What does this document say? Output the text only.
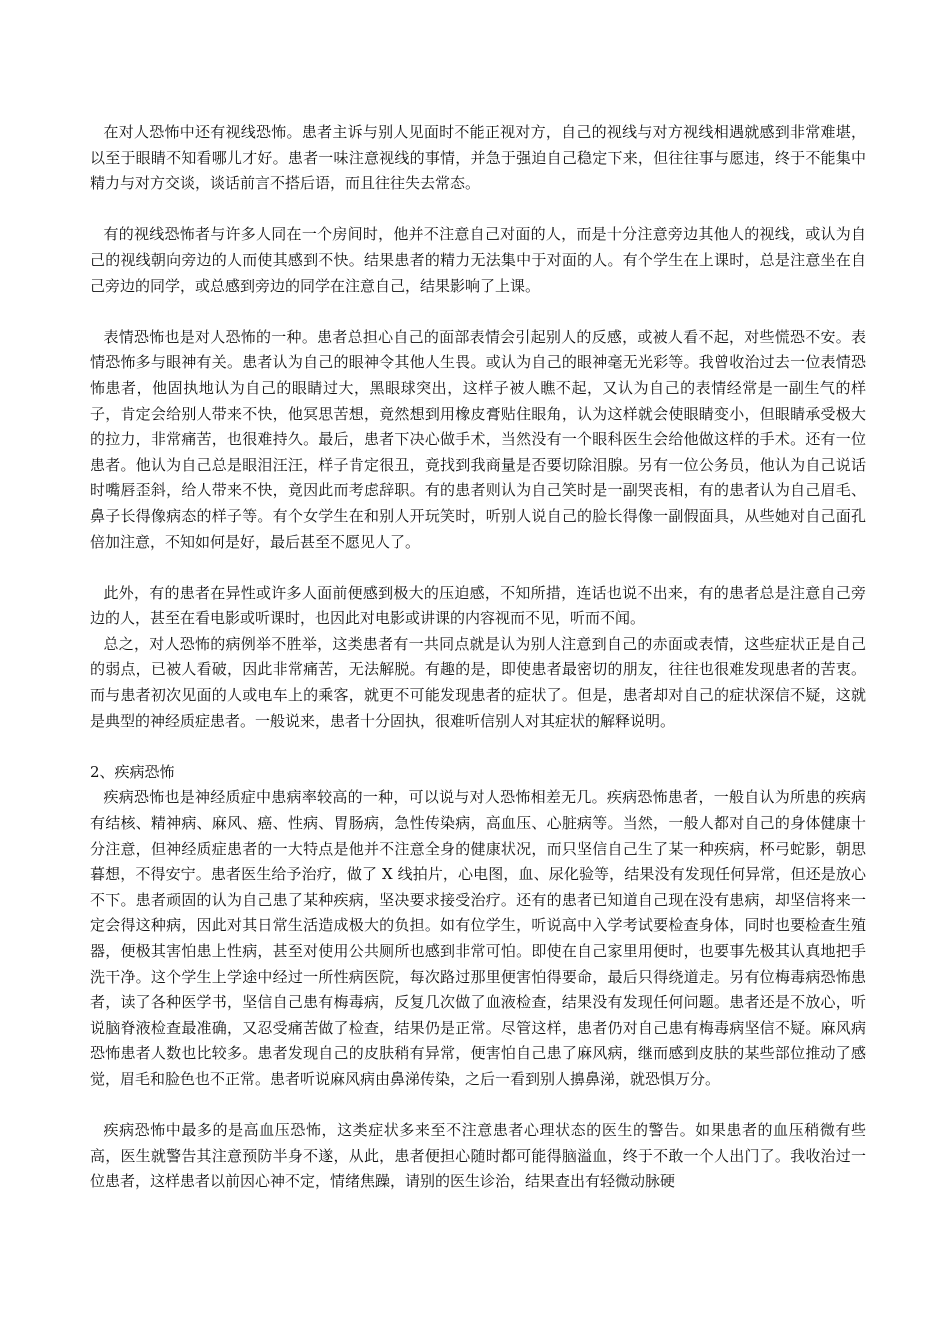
在对人恐怖中还有视线恐怖。患者主诉与别人见面时不能正视对方，自己的视线与对方视线相遇就感到非常难堪，以至于眼睛不知看哪儿才好。患者一味注意视线的事情，并急于强迫自己稳定下来，但往往事与愿违，终于不能集中精力与对方交谈，谈话前言不搭后语，而且往往失去常态。

有的视线恐怖者与许多人同在一个房间时，他并不注意自己对面的人，而是十分注意旁边其他人的视线，或认为自己的视线朝向旁边的人而使其感到不快。结果患者的精力无法集中于对面的人。有个学生在上课时，总是注意坐在自己旁边的同学，或总感到旁边的同学在注意自己，结果影响了上课。

表情恐怖也是对人恐怖的一种。患者总担心自己的面部表情会引起别人的反感，或被人看不起，对些慌恐不安。表情恐怖多与眼神有关。患者认为自己的眼神令其他人生畏。或认为自己的眼神毫无光彩等。我曾收治过去一位表情恐怖患者，他固执地认为自己的眼睛过大，黑眼球突出，这样子被人瞧不起，又认为自己的表情经常是一副生气的样子，肯定会给别人带来不快，他冥思苦想，竟然想到用橡皮膏贴住眼角，认为这样就会使眼睛变小，但眼睛承受极大的拉力，非常痛苦，也很难持久。最后，患者下决心做手术，当然没有一个眼科医生会给他做这样的手术。还有一位患者。他认为自己总是眼泪汪汪，样子肯定很丑，竟找到我商量是否要切除泪腺。另有一位公务员，他认为自己说话时嘴唇歪斜，给人带来不快，竟因此而考虑辞职。有的患者则认为自己笑时是一副哭丧相，有的患者认为自己眉毛、鼻子长得像病态的样子等。有个女学生在和别人开玩笑时，听别人说自己的脸长得像一副假面具，从些她对自己面孔倍加注意，不知如何是好，最后甚至不愿见人了。

此外，有的患者在异性或许多人面前便感到极大的压迫感，不知所措，连话也说不出来，有的患者总是注意自己旁边的人，甚至在看电影或听课时，也因此对电影或讲课的内容视而不见，听而不闻。

总之，对人恐怖的病例举不胜举，这类患者有一共同点就是认为别人注意到自己的赤面或表情，这些症状正是自己的弱点，已被人看破，因此非常痛苦，无法解脱。有趣的是，即使患者最密切的朋友，往往也很难发现患者的苦衷。而与患者初次见面的人或电车上的乘客，就更不可能发现患者的症状了。但是，患者却对自己的症状深信不疑，这就是典型的神经质症患者。一般说来，患者十分固执，很难听信别人对其症状的解释说明。

2、疾病恐怖

疾病恐怖也是神经质症中患病率较高的一种，可以说与对人恐怖相差无几。疾病恐怖患者，一般自认为所患的疾病有结核、精神病、麻风、癌、性病、胃肠病，急性传染病，高血压、心脏病等。当然，一般人都对自己的身体健康十分注意，但神经质症患者的一大特点是他并不注意全身的健康状况，而只坚信自己生了某一种疾病，杯弓蛇影，朝思暮想，不得安宁。患者医生给予治疗，做了 X 线拍片，心电图，血、尿化验等，结果没有发现任何异常，但还是放心不下。患者顽固的认为自己患了某种疾病，坚决要求接受治疗。还有的患者已知道自己现在没有患病，却坚信将来一定会得这种病，因此对其日常生活造成极大的负担。如有位学生，听说高中入学考试要检查身体，同时也要检查生殖器，便极其害怕患上性病，甚至对使用公共厕所也感到非常可怕。即使在自己家里用便时，也要事先极其认真地把手洗干净。这个学生上学途中经过一所性病医院，每次路过那里便害怕得要命，最后只得绕道走。另有位梅毒病恐怖患者，读了各种医学书，坚信自己患有梅毒病，反复几次做了血液检查，结果没有发现任何问题。患者还是不放心，听说脑脊液检查最准确，又忍受痛苦做了检查，结果仍是正常。尽管这样，患者仍对自己患有梅毒病坚信不疑。麻风病恐怖患者人数也比较多。患者发现自己的皮肤稍有异常，便害怕自己患了麻风病，继而感到皮肤的某些部位推动了感觉，眉毛和脸色也不正常。患者听说麻风病由鼻涕传染，之后一看到别人擤鼻涕，就恐惧万分。

疾病恐怖中最多的是高血压恐怖，这类症状多来至不注意患者心理状态的医生的警告。如果患者的血压稍微有些高，医生就警告其注意预防半身不遂，从此，患者便担心随时都可能得脑溢血，终于不敢一个人出门了。我收治过一位患者，这样患者以前因心神不定，情绪焦躁，请别的医生诊治，结果查出有轻微动脉硬
